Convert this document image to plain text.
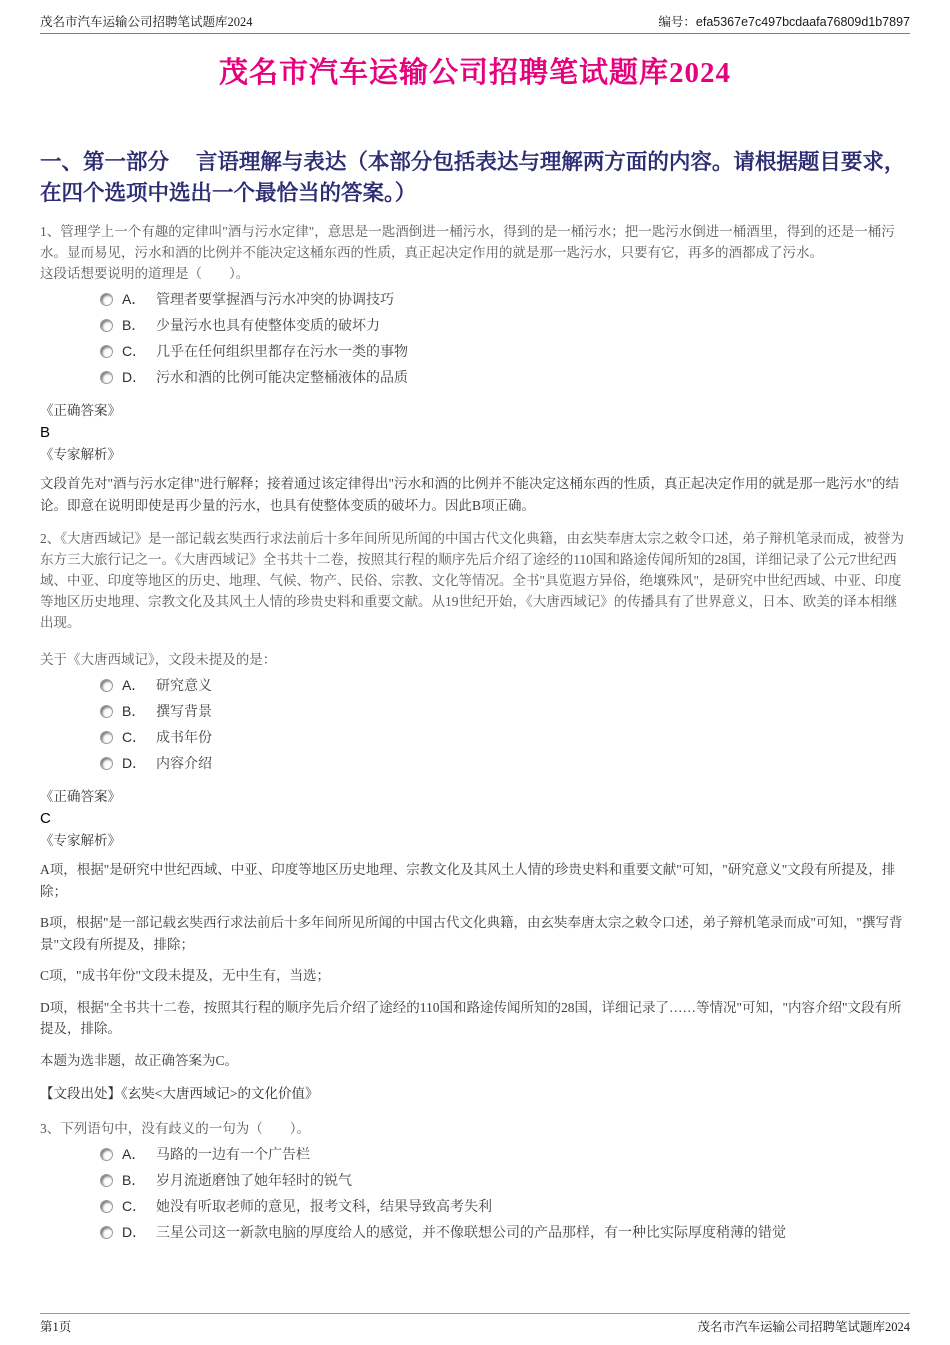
茂名市汽车运输公司招聘笔试题库2024	编号：efa5367e7c497bcdaafa76809d1b7897
茂名市汽车运输公司招聘笔试题库2024
一、第一部分　 言语理解与表达（本部分包括表达与理解两方面的内容。请根据题目要求，在四个选项中选出一个最恰当的答案。）

1、管理学上一个有趣的定律叫"酒与污水定律"，意思是一匙酒倒进一桶污水，得到的是一桶污水；把一匙污水倒进一桶酒里，得到的还是一桶污水。显而易见，污水和酒的比例并不能决定这桶东西的性质，真正起决定作用的就是那一匙污水，只要有它，再多的酒都成了污水。

这段话想要说明的道理是（　　）。

A． 管理者要掌握酒与污水冲突的协调技巧
B． 少量污水也具有使整体变质的破坏力
C． 几乎在任何组织里都存在污水一类的事物
D． 污水和酒的比例可能决定整桶液体的品质

《正确答案》

B

《专家解析》

文段首先对"酒与污水定律"进行解释；接着通过该定律得出"污水和酒的比例并不能决定这桶东西的性质，真正起决定作用的就是那一匙污水"的结论。即意在说明即使是再少量的污水，也具有使整体变质的破坏力。因此B项正确。

2、《大唐西域记》是一部记载玄奘西行求法前后十多年间所见所闻的中国古代文化典籍，由玄奘奉唐太宗之敕令口述，弟子辩机笔录而成，被誉为东方三大旅行记之一。《大唐西域记》全书共十二卷，按照其行程的顺序先后介绍了途经的110国和路途传闻所知的28国，详细记录了公元7世纪西域、中亚、印度等地区的历史、地理、气候、物产、民俗、宗教、文化等情况。全书"具览遐方异俗，绝壤殊风"，是研究中世纪西域、中亚、印度等地区历史地理、宗教文化及其风土人情的珍贵史料和重要文献。从19世纪开始，《大唐西域记》的传播具有了世界意义，日本、欧美的译本相继出现。

关于《大唐西域记》，文段未提及的是：

A． 研究意义
B． 撰写背景
C． 成书年份
D． 内容介绍

《正确答案》

C

《专家解析》

A项，根据"是研究中世纪西域、中亚、印度等地区历史地理、宗教文化及其风土人情的珍贵史料和重要文献"可知，"研究意义"文段有所提及，排除；

B项，根据"是一部记载玄奘西行求法前后十多年间所见所闻的中国古代文化典籍，由玄奘奉唐太宗之敕令口述，弟子辩机笔录而成"可知，"撰写背景"文段有所提及，排除；

C项，"成书年份"文段未提及，无中生有，当选；

D项，根据"全书共十二卷，按照其行程的顺序先后介绍了途经的110国和路途传闻所知的28国，详细记录了……等情况"可知，"内容介绍"文段有所提及，排除。

本题为选非题，故正确答案为C。

【文段出处】《玄奘<大唐西域记>的文化价值》

3、下列语句中，没有歧义的一句为（　　）。

A． 马路的一边有一个广告栏
B． 岁月流逝磨蚀了她年轻时的锐气
C． 她没有听取老师的意见，报考文科，结果导致高考失利
D． 三星公司这一新款电脑的厚度给人的感觉，并不像联想公司的产品那样，有一种比实际厚度稍薄的错觉
第1页	茂名市汽车运输公司招聘笔试题库2024
